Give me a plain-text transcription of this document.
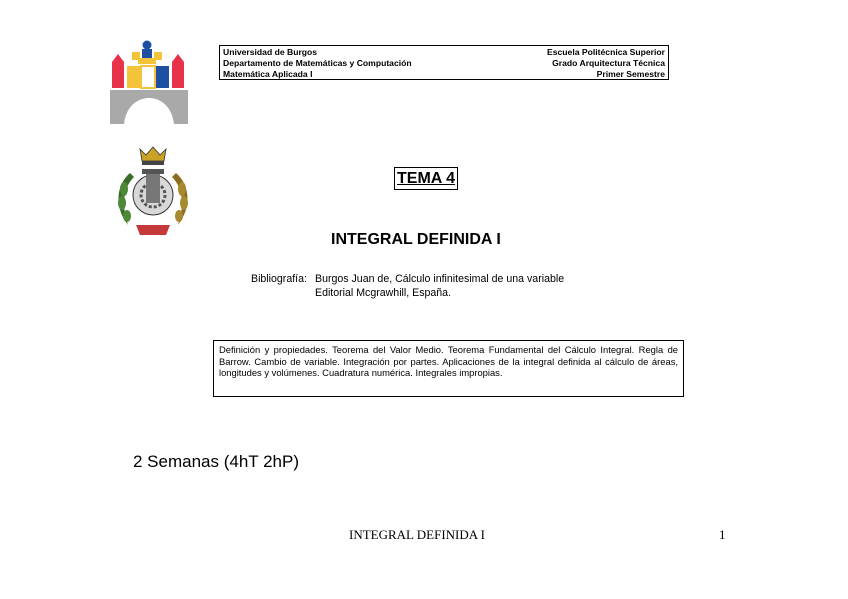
Universidad de Burgos	Escuela Politécnica Superior
Departamento de Matemáticas y Computación	Grado Arquitectura Técnica
Matemática Aplicada I	Primer Semestre
TEMA 4
INTEGRAL DEFINIDA I
Bibliografía: Burgos Juan de, Cálculo infinitesimal de una variable
Editorial Mcgrawhill, España.
Definición y propiedades. Teorema del Valor Medio. Teorema Fundamental del Cálculo Integral. Regla de Barrow. Cambio de variable. Integración por partes. Aplicaciones de la integral definida al cálculo de áreas, longitudes y volúmenes. Cuadratura numérica. Integrales impropias.
2 Semanas (4hT 2hP)
INTEGRAL DEFINIDA I	1
